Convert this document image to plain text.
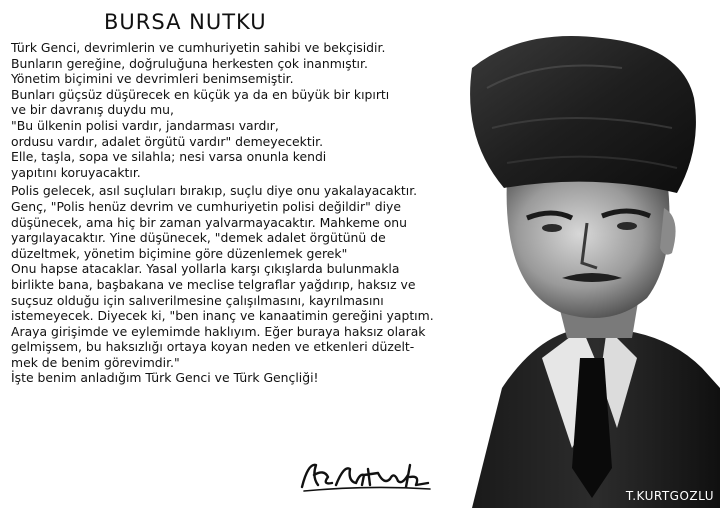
BURSA NUTKU
Türk Genci, devrimlerin ve cumhuriyetin sahibi ve bekçisidir.
Bunların gereğine, doğruluğuna herkesten çok inanmıştır.
Yönetim biçimini ve devrimleri benimsemiştir.
Bunları güçsüz düşürecek en küçük ya da en büyük bir kıpırtı
ve bir davranış duydu mu,
"Bu ülkenin polisi vardır, jandarması vardır,
ordusu vardır, adalet örgütü vardır" demeyecektir.
Elle, taşla, sopa ve silahla; nesi varsa onunla kendi
yapıtını koruyacaktır.
Polis gelecek, asıl suçluları bırakıp, suçlu diye onu yakalayacaktır.
Genç, "Polis henüz devrim ve cumhuriyetin polisi değildir" diye
düşünecek, ama hiç bir zaman yalvarmayacaktır. Mahkeme onu
yargılayacaktır. Yine düşünecek, "demek adalet örgütünü de
düzeltmek, yönetim biçimine göre düzenlemek gerek"
Onu hapse atacaklar. Yasal yollarla karşı çıkışlarda bulunmakla
birlikte bana, başbakana ve meclise telgraflar yağdırıp, haksız ve
suçsuz olduğu için salıverilmesine çalışılmasını, kayrılmasını
istemeyecek. Diyecek ki, "ben inanç ve kanaatimin gereğini yaptım.
Araya girişimde ve eylemimde haklıyım. Eğer buraya haksız olarak
gelmişsem, bu haksızlığı ortaya koyan neden ve etkenleri düzelt-
mek de benim görevimdir."
İşte benim anladığım Türk Genci ve Türk Gençliği!
T.KURTGOZLU
